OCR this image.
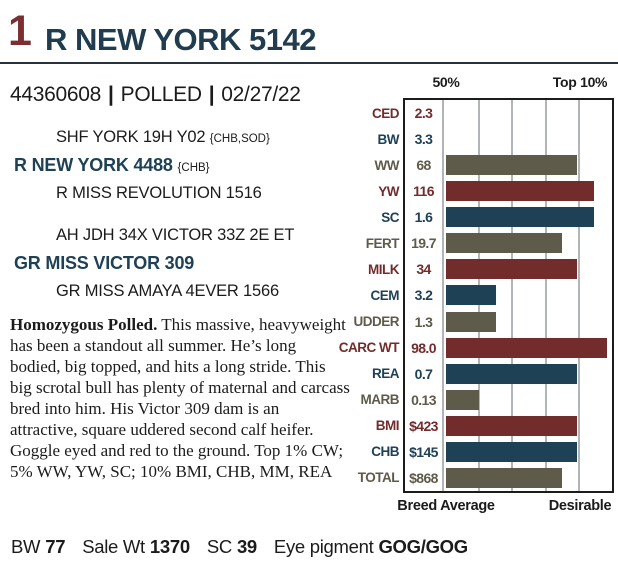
1 R NEW YORK 5142
44360608 | POLLED | 02/27/22
SHF YORK 19H Y02 {CHB,SOD}
R NEW YORK 4488 {CHB}
R MISS REVOLUTION 1516
AH JDH 34X VICTOR 33Z 2E ET
GR MISS VICTOR 309
GR MISS AMAYA 4EVER 1566
Homozygous Polled. This massive, heavyweight has been a standout all summer. He’s long bodied, big topped, and hits a long stride. This big scrotal bull has plenty of maternal and carcass bred into him. His Victor 309 dam is an attractive, square uddered second calf heifer. Goggle eyed and red to the ground. Top 1% CW; 5% WW, YW, SC; 10% BMI, CHB, MM, REA
BW 77 Sale Wt 1370 SC 39 Eye pigment GOG/GOG
50%	Top 10%
CED
BW
WW
YW
SC
FERT
MILK
CEM
UDDER
CARC WT
REA
MARB
BMI
CHB
TOTAL
2.3
3.3
68
116
1.6
19.7
34
3.2
1.3
98.0
0.7
0.13
$423
$145
$868
Breed Average	Desirable
